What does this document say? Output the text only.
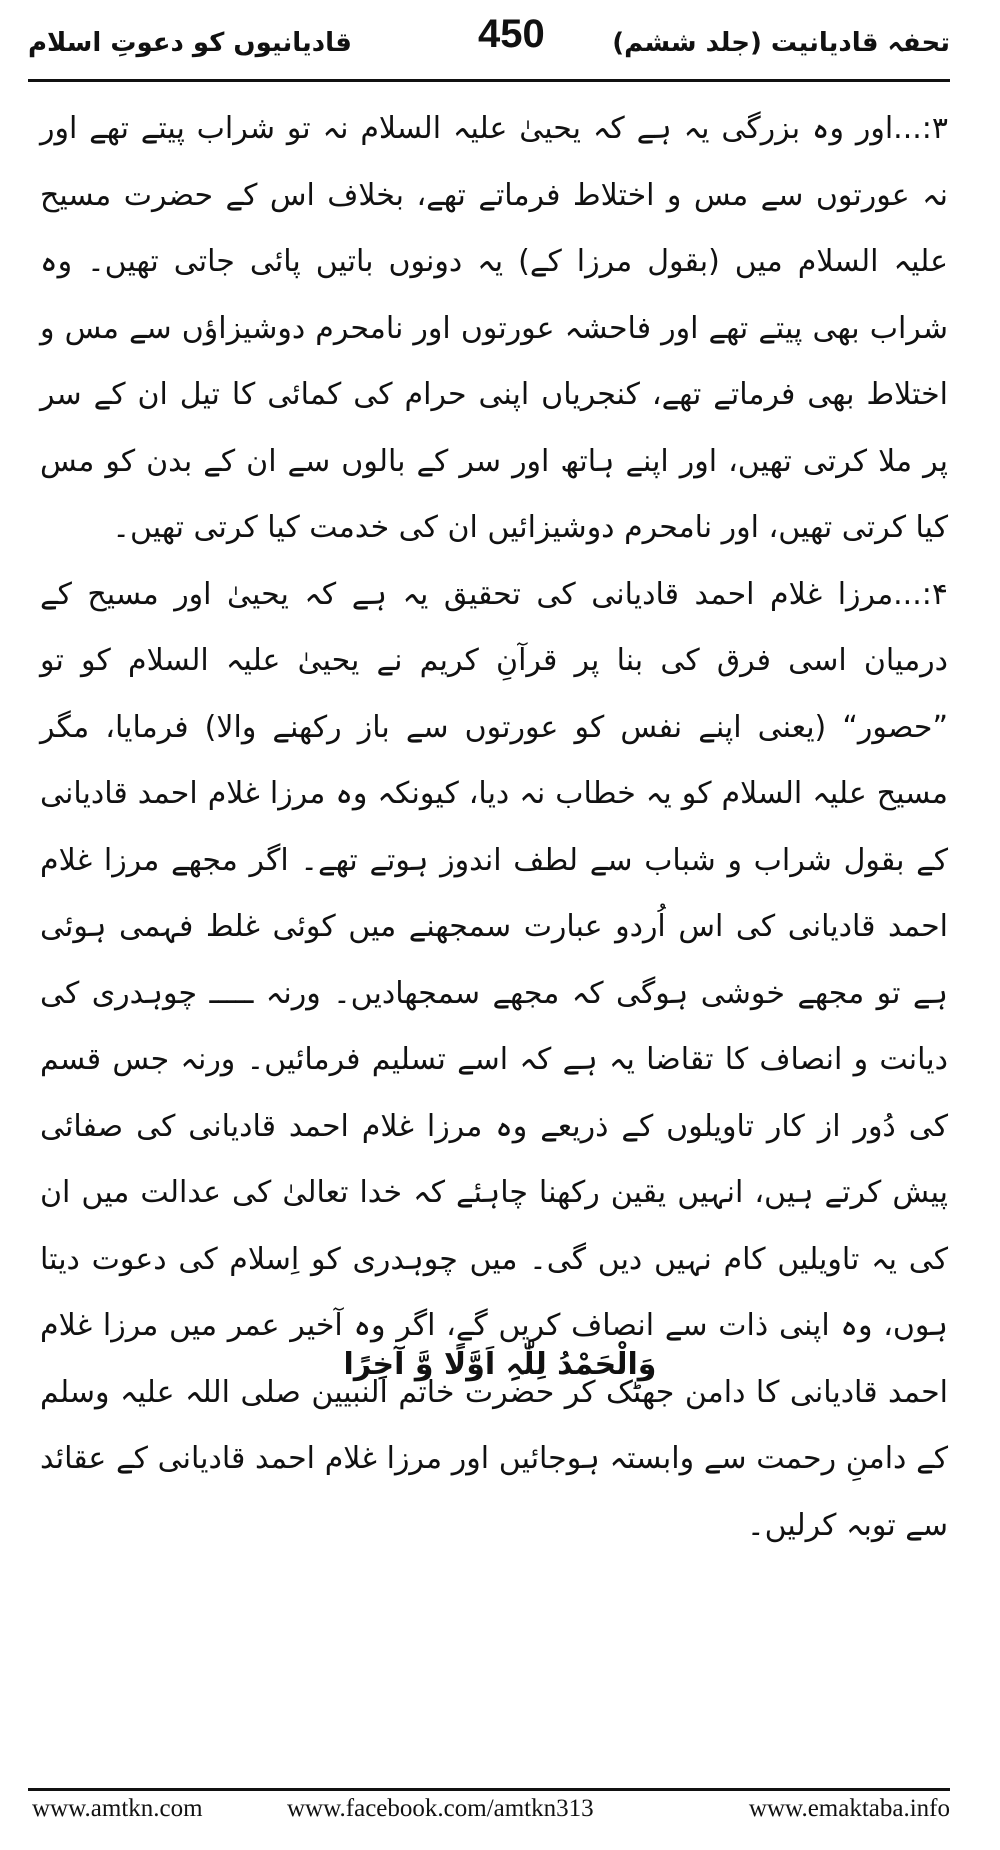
قادیانیوں کو دعوتِ اسلام	450	تحفہ قادیانیت (جلد ششم)

۳:...اور وہ بزرگی یہ ہے کہ یحییٰ علیہ السلام نہ تو شراب پیتے تھے اور نہ عورتوں سے مس و اختلاط فرماتے تھے، بخلاف اس کے حضرت مسیح علیہ السلام میں (بقول مرزا کے) یہ دونوں باتیں پائی جاتی تھیں۔ وہ شراب بھی پیتے تھے اور فاحشہ عورتوں اور نامحرم دوشیزاؤں سے مس و اختلاط بھی فرماتے تھے، کنجریاں اپنی حرام کی کمائی کا تیل ان کے سر پر ملا کرتی تھیں، اور اپنے ہاتھ اور سر کے بالوں سے ان کے بدن کو مس کیا کرتی تھیں، اور نامحرم دوشیزائیں ان کی خدمت کیا کرتی تھیں۔

۴:...مرزا غلام احمد قادیانی کی تحقیق یہ ہے کہ یحییٰ اور مسیح کے درمیان اسی فرق کی بنا پر قرآنِ کریم نے یحییٰ علیہ السلام کو تو ”حصور“ (یعنی اپنے نفس کو عورتوں سے باز رکھنے والا) فرمایا، مگر مسیح علیہ السلام کو یہ خطاب نہ دیا، کیونکہ وہ مرزا غلام احمد قادیانی کے بقول شراب و شباب سے لطف اندوز ہوتے تھے۔ اگر مجھے مرزا غلام احمد قادیانی کی اس اُردو عبارت سمجھنے میں کوئی غلط فہمی ہوئی ہے تو مجھے خوشی ہوگی کہ مجھے سمجھادیں۔ ورنہ ـــــ چوہدری کی دیانت و انصاف کا تقاضا یہ ہے کہ اسے تسلیم فرمائیں۔ ورنہ جس قسم کی دُور از کار تاویلوں کے ذریعے وہ مرزا غلام احمد قادیانی کی صفائی پیش کرتے ہیں، انہیں یقین رکھنا چاہئے کہ خدا تعالیٰ کی عدالت میں ان کی یہ تاویلیں کام نہیں دیں گی۔ میں چوہدری کو اِسلام کی دعوت دیتا ہوں، وہ اپنی ذات سے انصاف کریں گے، اگر وہ آخیر عمر میں مرزا غلام احمد قادیانی کا دامن جھٹک کر حضرت خاتم النبیین صلی اللہ علیہ وسلم کے دامنِ رحمت سے وابستہ ہوجائیں اور مرزا غلام احمد قادیانی کے عقائد سے توبہ کرلیں۔

وَالْحَمْدُ لِلّٰہِ اَوَّلًا وَّ آخِرًا
www.amtkn.com	www.facebook.com/amtkn313	www.emaktaba.info
